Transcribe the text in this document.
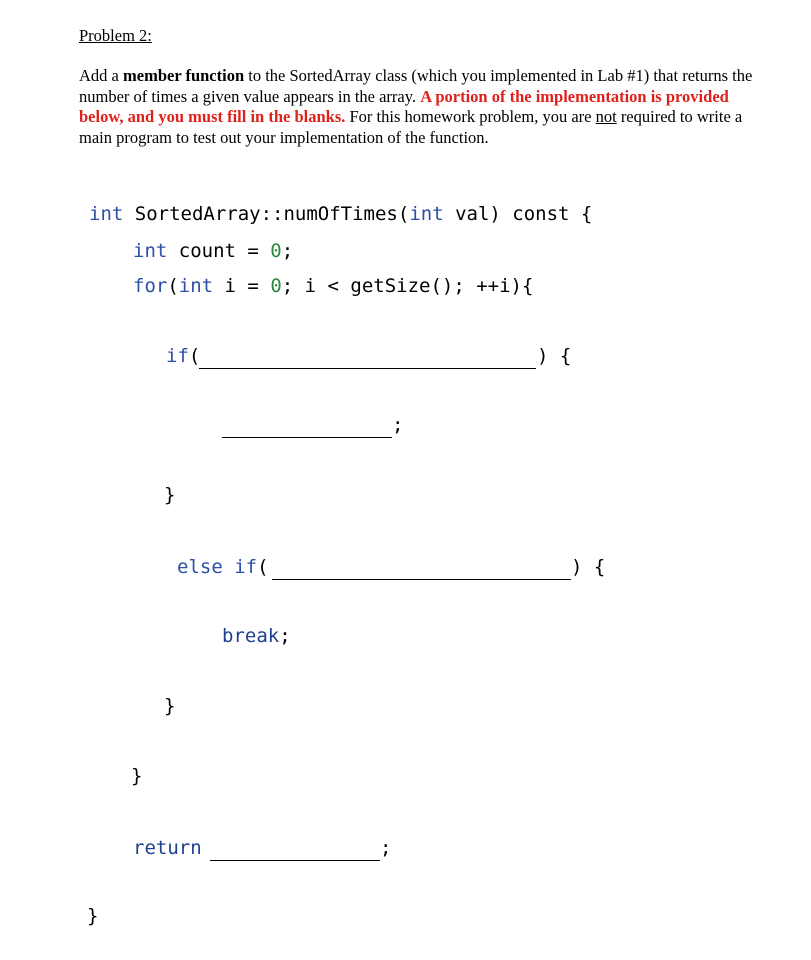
Problem 2:
Add a member function to the SortedArray class (which you implemented in Lab #1) that returns the number of times a given value appears in the array. A portion of the implementation is provided below, and you must fill in the blanks. For this homework problem, you are not required to write a main program to test out your implementation of the function.
int SortedArray::numOfTimes(int val) const {
int count = 0;
for(int i = 0; i < getSize(); ++i){
if(	) {
;
}
else if(	) {
break;
}
}
return	;
}
